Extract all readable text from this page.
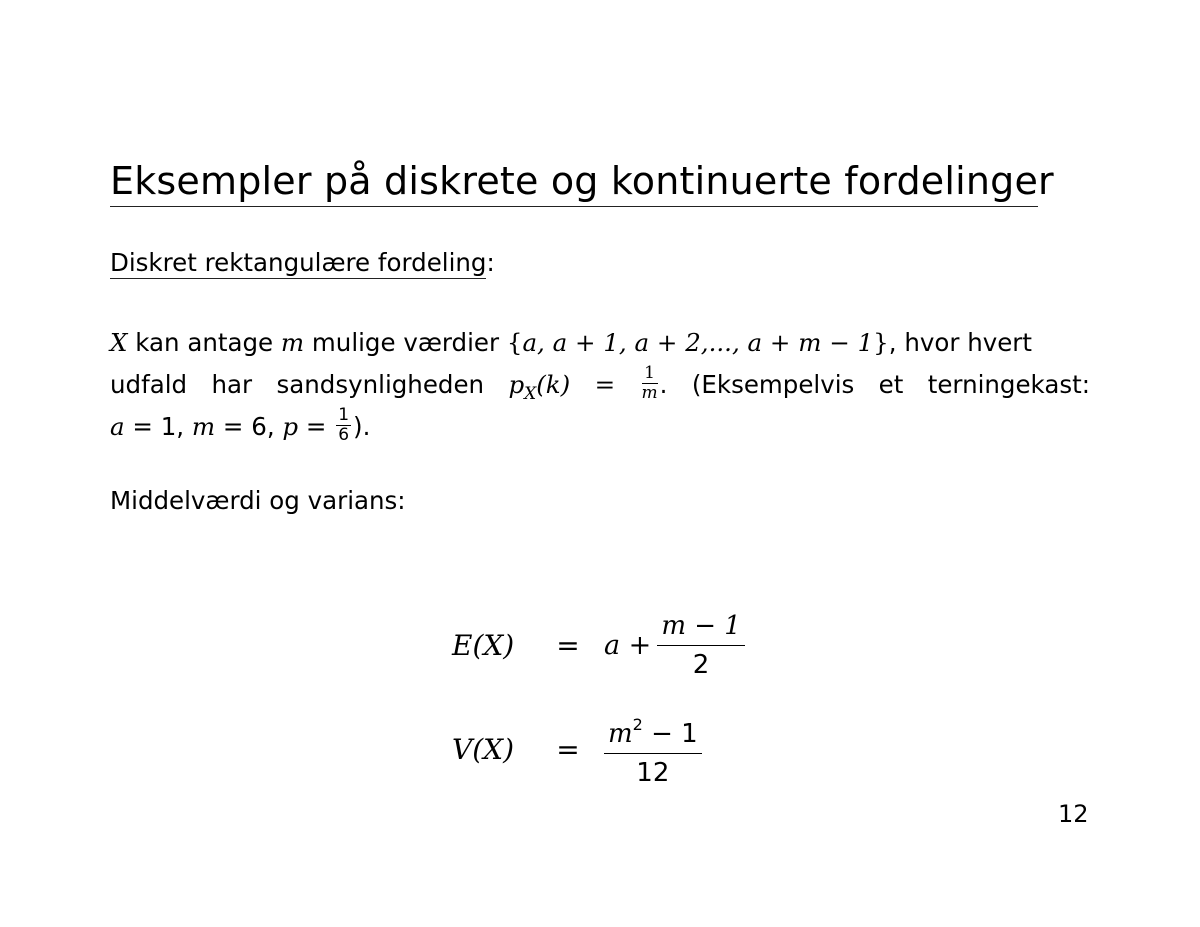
Eksempler på diskrete og kontinuerte fordelinger
Diskret rektangulære fordeling:
X kan antage m mulige værdier {a, a + 1, a + 2,..., a + m − 1}, hvor hvert
udfald har sandsynligheden $p_X(k) = \frac{1}{m}$ . (Eksempelvis et terningekast:
a = 1, m = 6, $p = \frac{1}{6}$ ).
Middelværdi og varians:
E(X)	= $a + \frac{m - 1}{2}$
V(X)	= $\frac{m^2 - 1}{12}$
12
